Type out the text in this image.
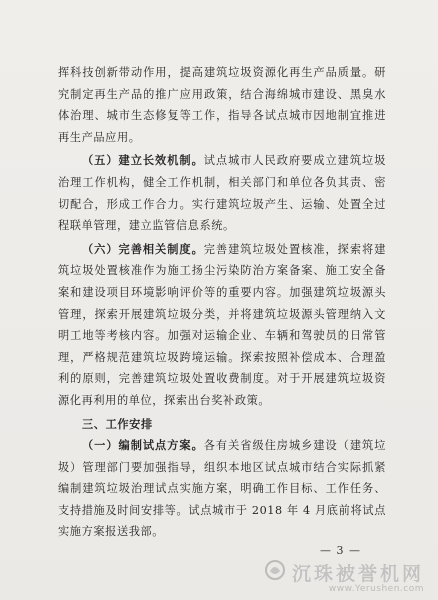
挥科技创新带动作用，提高建筑垃圾资源化再生产品质量。研究制定再生产品的推广应用政策，结合海绵城市建设、黑臭水体治理、城市生态修复等工作，指导各试点城市因地制宜推进再生产品应用。

（五）建立长效机制。试点城市人民政府要成立建筑垃圾治理工作机构，健全工作机制，相关部门和单位各负其责、密切配合，形成工作合力。实行建筑垃圾产生、运输、处置全过程联单管理，建立监管信息系统。

（六）完善相关制度。完善建筑垃圾处置核准，探索将建筑垃圾处置核准作为施工扬尘污染防治方案备案、施工安全备案和建设项目环境影响评价等的重要内容。加强建筑垃圾源头管理，探索开展建筑垃圾分类，并将建筑垃圾源头管理纳入文明工地等考核内容。加强对运输企业、车辆和驾驶员的日常管理，严格规范建筑垃圾跨境运输。探索按照补偿成本、合理盈利的原则，完善建筑垃圾处置收费制度。对于开展建筑垃圾资源化再利用的单位，探索出台奖补政策。

三、工作安排

（一）编制试点方案。各有关省级住房城乡建设（建筑垃圾）管理部门要加强指导，组织本地区试点城市结合实际抓紧编制建筑垃圾治理试点实施方案，明确工作目标、工作任务、支持措施及时间安排等。试点城市于 2018 年 4 月底前将试点实施方案报送我部。

— 3 —
沉珠被誉机网
www.Yerushen.com
